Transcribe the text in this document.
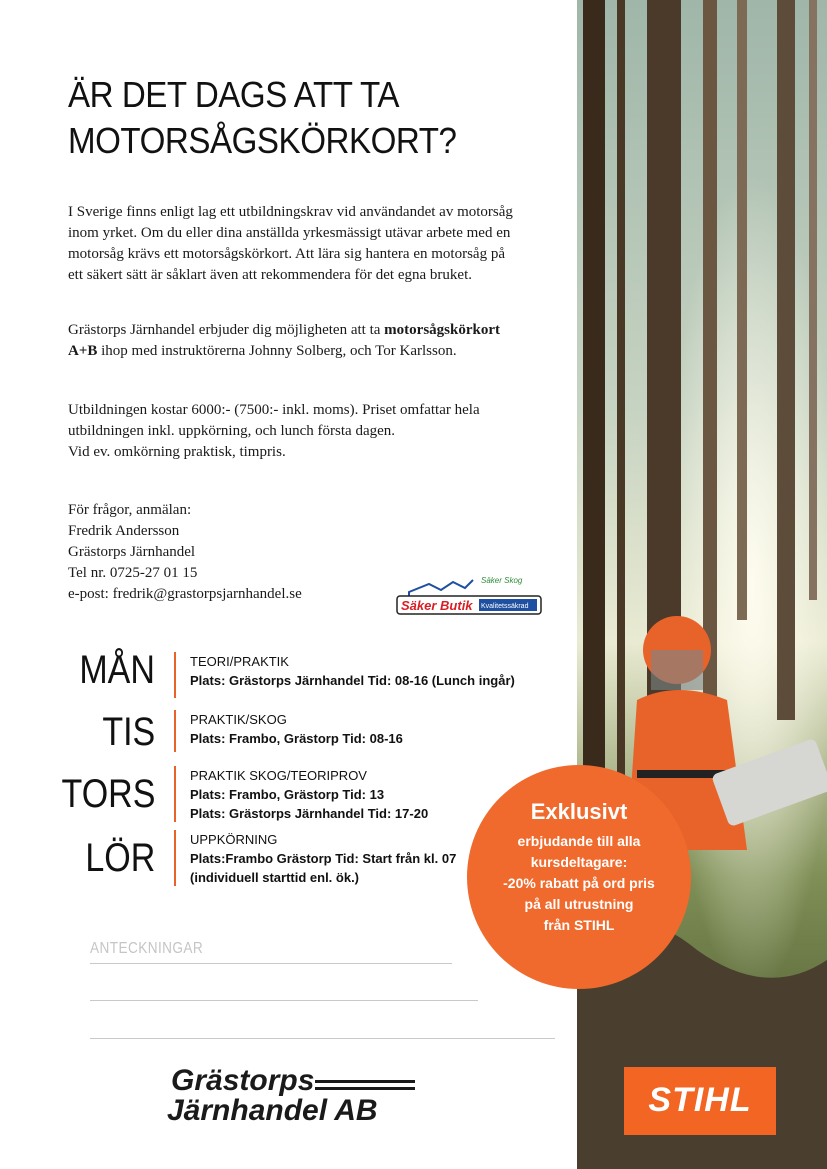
ÄR DET DAGS ATT TA
MOTORSÅGSKÖRKORT?

I Sverige finns enligt lag ett utbildningskrav vid användandet av motorsåg
inom yrket. Om du eller dina anställda yrkesmässigt utävar arbete med en
motorsåg krävs ett motorsågskörkort. Att lära sig hantera en motorsåg på
ett säkert sätt är såklart även att rekommendera för det egna bruket.

Grästorps Järnhandel erbjuder dig möjligheten att ta motorsågskörkort
A+B ihop med instruktörerna Johnny Solberg, och Tor Karlsson.

Utbildningen kostar 6000:- (7500:- inkl. moms). Priset omfattar hela
utbildningen inkl. uppkörning, och lunch första dagen.
Vid ev. omkörning praktisk, timpris.

För frågor, anmälan:
Fredrik Andersson
Grästorps Järnhandel
Tel nr. 0725-27 01 15
e-post: fredrik@grastorpsjarnhandel.se

Säker Butik
Säker Skog
Kvalitetssäkrad
MÅN	TEORI/PRAKTIK
Plats: Grästorps Järnhandel Tid: 08-16 (Lunch ingår)
TIS	PRAKTIK/SKOG
Plats: Frambo, Grästorp Tid: 08-16
TORS	PRAKTIK SKOG/TEORIPROV
Plats: Frambo, Grästorp Tid: 13
Plats: Grästorps Järnhandel Tid: 17-20
LÖR	UPPKÖRNING
Plats:Frambo Grästorp Tid: Start från kl. 07
(individuell starttid enl. ök.)
ANTECKNINGAR
Grästorps
Järnhandel AB
Exklusivt
erbjudande till alla
kursdeltagare:
-20% rabatt på ord pris
på all utrustning
från STIHL
STIHL
